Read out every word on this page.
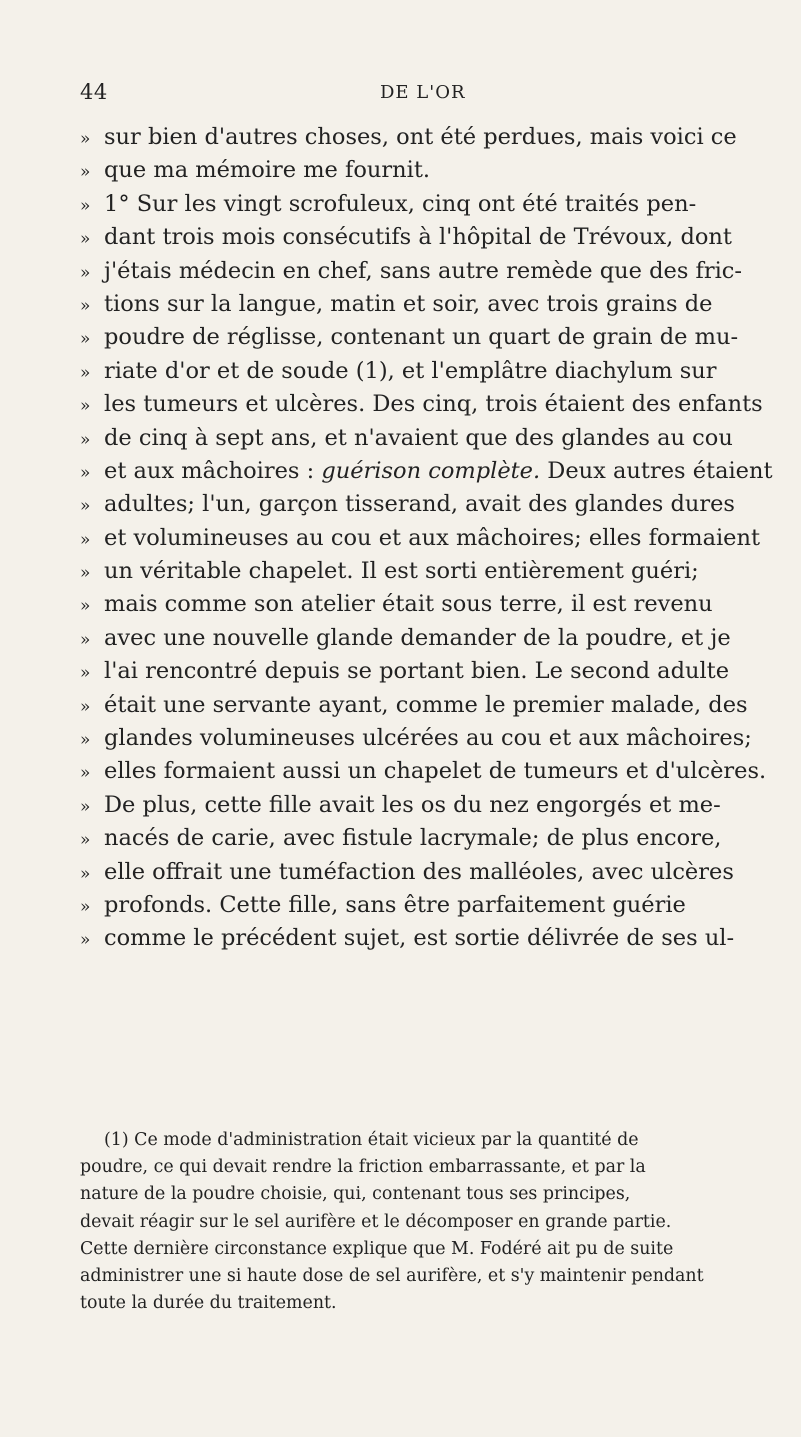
44	DE L'OR
» sur bien d'autres choses, ont été perdues, mais voici ce
» que ma mémoire me fournit.
» 1° Sur les vingt scrofuleux, cinq ont été traités pen-
» dant trois mois consécutifs à l'hôpital de Trévoux, dont
» j'étais médecin en chef, sans autre remède que des fric-
» tions sur la langue, matin et soir, avec trois grains de
» poudre de réglisse, contenant un quart de grain de mu-
» riate d'or et de soude (1), et l'emplâtre diachylum sur
» les tumeurs et ulcères. Des cinq, trois étaient des enfants
» de cinq à sept ans, et n'avaient que des glandes au cou
» et aux mâchoires : guérison complète. Deux autres étaient
» adultes; l'un, garçon tisserand, avait des glandes dures
» et volumineuses au cou et aux mâchoires; elles formaient
» un véritable chapelet. Il est sorti entièrement guéri;
» mais comme son atelier était sous terre, il est revenu
» avec une nouvelle glande demander de la poudre, et je
» l'ai rencontré depuis se portant bien. Le second adulte
» était une servante ayant, comme le premier malade, des
» glandes volumineuses ulcérées au cou et aux mâchoires;
» elles formaient aussi un chapelet de tumeurs et d'ulcères.
» De plus, cette fille avait les os du nez engorgés et me-
» nacés de carie, avec fistule lacrymale; de plus encore,
» elle offrait une tuméfaction des malléoles, avec ulcères
» profonds. Cette fille, sans être parfaitement guérie
» comme le précédent sujet, est sortie délivrée de ses ul-
(1) Ce mode d'administration était vicieux par la quantité de
poudre, ce qui devait rendre la friction embarrassante, et par la
nature de la poudre choisie, qui, contenant tous ses principes,
devait réagir sur le sel aurifère et le décomposer en grande partie.
Cette dernière circonstance explique que M. Fodéré ait pu de suite
administrer une si haute dose de sel aurifère, et s'y maintenir pendant
toute la durée du traitement.
